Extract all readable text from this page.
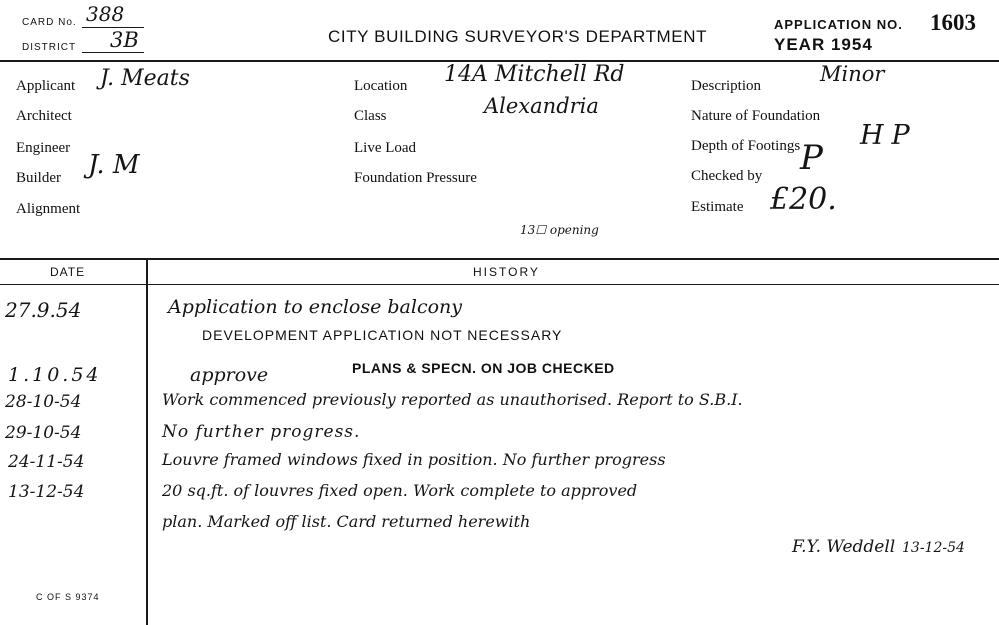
CARD No. 388
DISTRICT 3B	CITY BUILDING SURVEYOR'S DEPARTMENT
APPLICATION NO. 1603
YEAR 1954
Applicant J. Meats
Architect
Engineer
Builder J. M
Alignment
Location 14A Mitchell Rd
Class	Alexandria
Live Load
Foundation Pressure
Description	Minor
Nature of Foundation
Depth of Footings HP
Checked by P
Estimate £20.
13☐ opening
DATE	HISTORY
27.9.54	Application to enclose balcony
DEVELOPMENT APPLICATION NOT NECESSARY
1.10.54	approve	PLANS & SPECN. ON JOB CHECKED
28-10-54	Work commenced previously reported as unauthorised. Report to S.B.I.
29-10-54	No further progress.
24-11-54	Louvre framed windows fixed in position. No further progress
13-12-54	20 sq.ft. of louvres fixed open. Work complete to approved
plan. Marked off list. Card returned herewith
F.Y. Weddell 13-12-54
C OF S 9374
